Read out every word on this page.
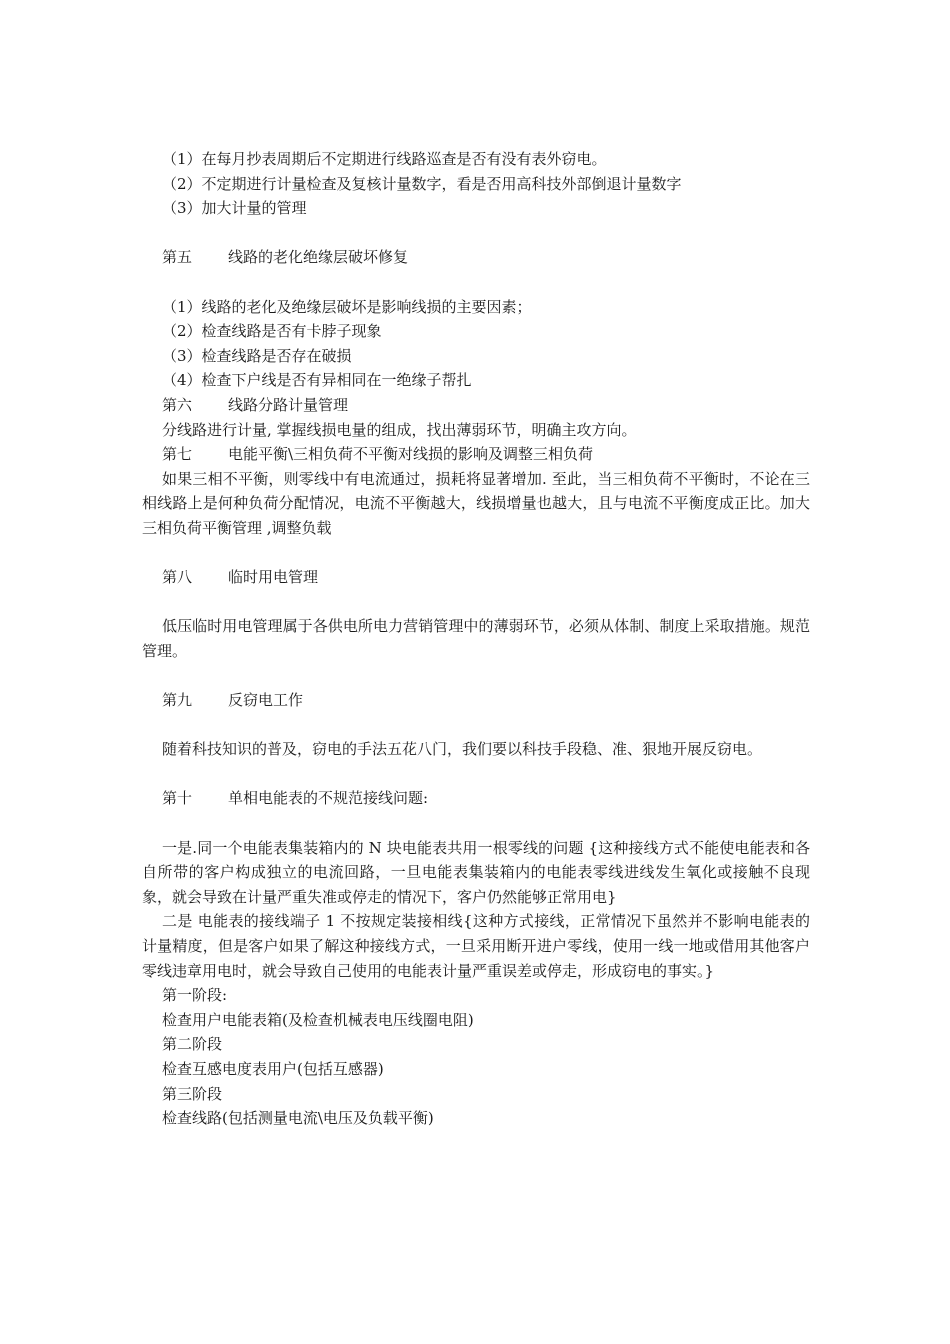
（1）在每月抄表周期后不定期进行线路巡查是否有没有表外窃电。
（2）不定期进行计量检查及复核计量数字，看是否用高科技外部倒退计量数字
（3）加大计量的管理
第五 线路的老化绝缘层破坏修复
（1）线路的老化及绝缘层破坏是影响线损的主要因素；
（2）检查线路是否有卡脖子现象
（3）检查线路是否存在破损
（4）检查下户线是否有异相同在一绝缘子帮扎
第六 线路分路计量管理
分线路进行计量, 掌握线损电量的组成，找出薄弱环节，明确主攻方向。
第七 电能平衡\三相负荷不平衡对线损的影响及调整三相负荷
如果三相不平衡，则零线中有电流通过，损耗将显著增加. 至此，当三相负荷不平衡时，不论在三相线路上是何种负荷分配情况，电流不平衡越大，线损增量也越大，且与电流不平衡度成正比。加大三相负荷平衡管理 ,调整负载
第八 临时用电管理
低压临时用电管理属于各供电所电力营销管理中的薄弱环节，必须从体制、制度上采取措施。规范管理。
第九 反窃电工作
随着科技知识的普及，窃电的手法五花八门，我们要以科技手段稳、准、狠地开展反窃电。
第十 单相电能表的不规范接线问题:
一是.同一个电能表集装箱内的 N 块电能表共用一根零线的问题 {这种接线方式不能使电能表和各自所带的客户构成独立的电流回路，一旦电能表集装箱内的电能表零线进线发生氧化或接触不良现象，就会导致在计量严重失准或停走的情况下，客户仍然能够正常用电}
二是 电能表的接线端子 1 不按规定装接相线{这种方式接线，正常情况下虽然并不影响电能表的计量精度，但是客户如果了解这种接线方式，一旦采用断开进户零线，使用一线一地或借用其他客户零线违章用电时，就会导致自己使用的电能表计量严重误差或停走，形成窃电的事实。}
第一阶段:
检查用户电能表箱(及检查机械表电压线圈电阻)
第二阶段
检查互感电度表用户(包括互感器)
第三阶段
检查线路(包括测量电流\电压及负载平衡)
